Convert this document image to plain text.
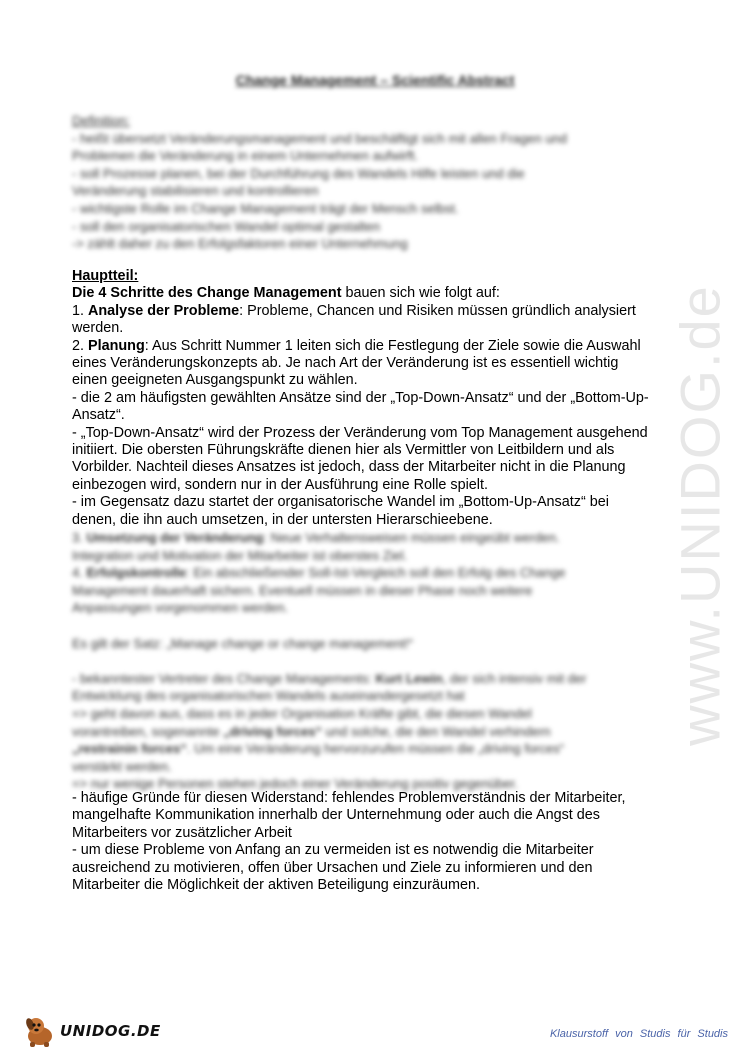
Change Management – Scientific Abstract
Definition:
- heißt übersetzt Veränderungsmanagement und beschäftigt sich mit allen Fragen und
Problemen die Veränderung in einem Unternehmen aufwirft.
- soll Prozesse planen, bei der Durchführung des Wandels Hilfe leisten und die
Veränderung stabilisieren und kontrollieren
- wichtigste Rolle im Change Management trägt der Mensch selbst.
- soll den organisatorischen Wandel optimal gestalten
-> zählt daher zu den Erfolgsfaktoren einer Unternehmung
Hauptteil:
Die 4 Schritte des Change Management bauen sich wie folgt auf:
1. Analyse der Probleme: Probleme, Chancen und Risiken müssen gründlich analysiert
werden.
2. Planung: Aus Schritt Nummer 1 leiten sich die Festlegung der Ziele sowie die Auswahl
eines Veränderungskonzepts ab. Je nach Art der Veränderung ist es essentiell wichtig
einen geeigneten Ausgangspunkt zu wählen.
- die 2 am häufigsten gewählten Ansätze sind der „Top-Down-Ansatz“ und der „Bottom-Up-
Ansatz“.
- „Top-Down-Ansatz“ wird der Prozess der Veränderung vom Top Management ausgehend
initiiert. Die obersten Führungskräfte dienen hier als Vermittler von Leitbildern und als
Vorbilder. Nachteil dieses Ansatzes ist jedoch, dass der Mitarbeiter nicht in die Planung
einbezogen wird, sondern nur in der Ausführung eine Rolle spielt.
- im Gegensatz dazu startet der organisatorische Wandel im „Bottom-Up-Ansatz“ bei
denen, die ihn auch umsetzen, in der untersten Hierarschieebene.
3. Umsetzung der Veränderung: Neue Verhaltensweisen müssen eingeübt werden.
Integration und Motivation der Mitarbeiter ist oberstes Ziel.
4. Erfolgskontrolle: Ein abschließender Soll-Ist-Vergleich soll den Erfolg des Change
Management dauerhaft sichern. Eventuell müssen in dieser Phase noch weitere
Anpassungen vorgenommen werden.
Es gilt der Satz: „Manage change or change management!“
- bekanntester Vertreter des Change Managements: Kurt Lewin, der sich intensiv mit der
Entwicklung des organisatorischen Wandels auseinandergesetzt hat
=> geht davon aus, dass es in jeder Organisation Kräfte gibt, die diesen Wandel
vorantreiben, sogenannte „driving forces“ und solche, die den Wandel verhindern
„restrainin forces“. Um eine Veränderung hervorzurufen müssen die „driving forces“
verstärkt werden.
=> nur wenige Personen stehen jedoch einer Veränderung positiv gegenüber.
- häufige Gründe für diesen Widerstand: fehlendes Problemverständnis der Mitarbeiter,
mangelhafte Kommunikation innerhalb der Unternehmung oder auch die Angst des
Mitarbeiters vor zusätzlicher Arbeit
- um diese Probleme von Anfang an zu vermeiden ist es notwendig die Mitarbeiter
ausreichend zu motivieren, offen über Ursachen und Ziele zu informieren und den
Mitarbeiter die Möglichkeit der aktiven Beteiligung einzuräumen.
www.UNIDOG.de
UNIDOG.DE	Klausurstoff von Studis für Studis
